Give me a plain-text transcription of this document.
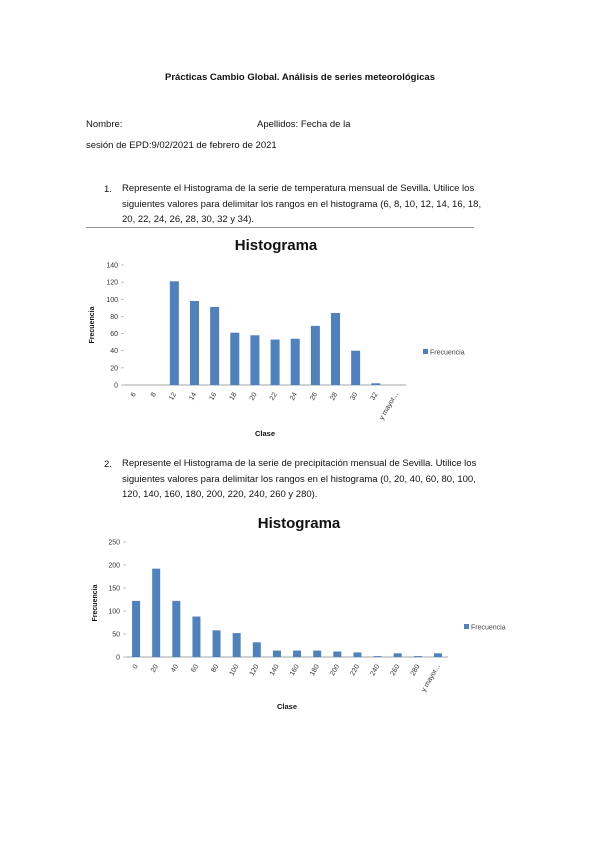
Prácticas Cambio Global. Análisis de series meteorológicas
Nombre:	Apellidos: Fecha de la
sesión de EPD:9/02/2021 de febrero de 2021
1. Represente el Histograma de la serie de temperatura mensual de Sevilla. Utilice los
siguientes valores para delimitar los rangos en el histograma (6, 8, 10, 12, 14, 16, 18,
20, 22, 24, 26, 28, 30, 32 y 34).
Histograma
Frecuencia
Clase
0
20
40
60
80
100
120
140
6 8 12 14 16 18 20 22 24 26 28 30 32
y mayor...
Frecuencia
2. Represente el Histograma de la serie de precipitación mensual de Sevilla. Utilice los
siguientes valores para delimitar los rangos en el histograma (0, 20, 40, 60, 80, 100,
120, 140, 160, 180, 200, 220, 240, 260 y 280).
Histograma
Frecuencia
Clase
0
50
100
150
200
250
0 20 40 60 80 100 120 140 160 180 200 220 240 260 280
y mayor...
Frecuencia
